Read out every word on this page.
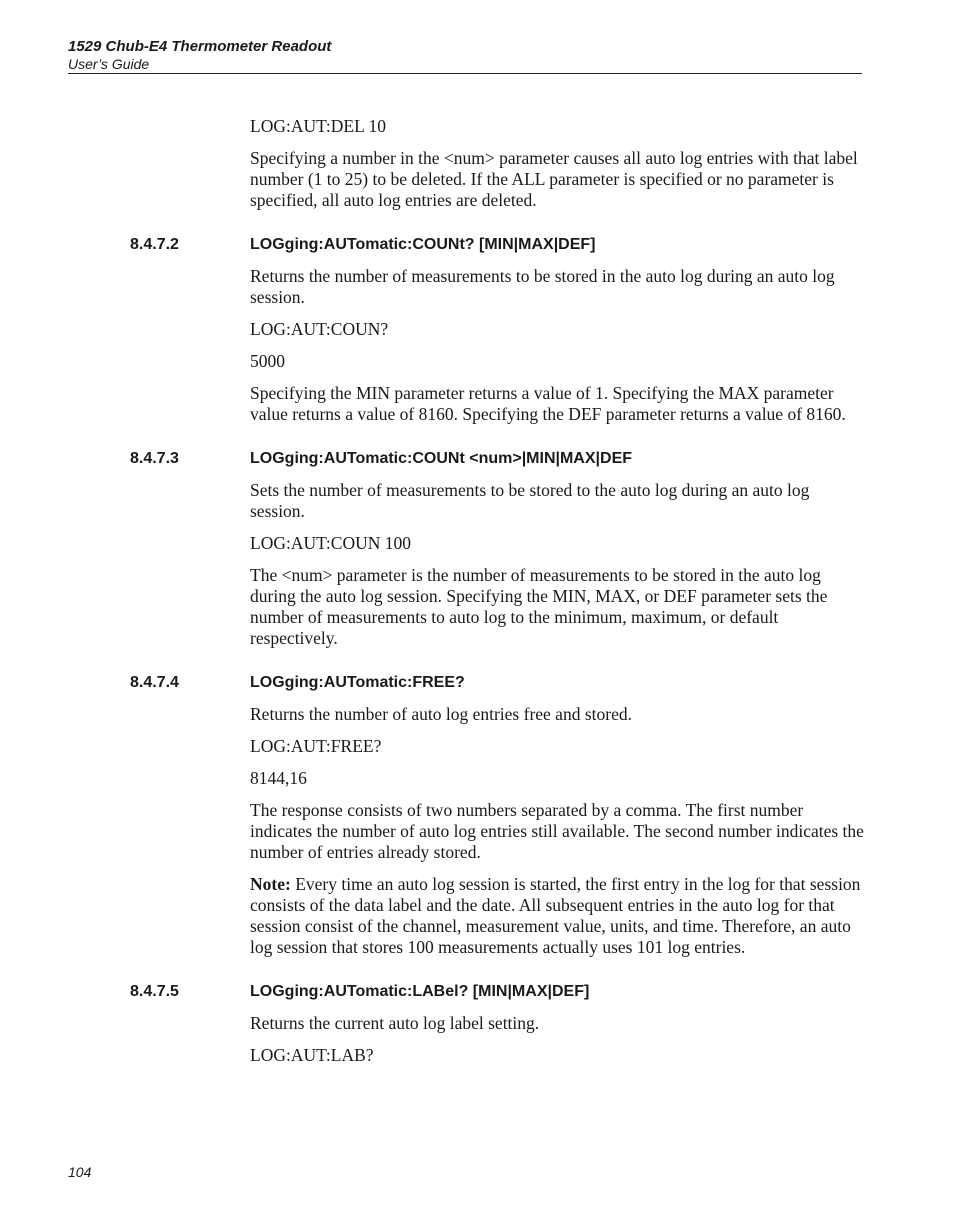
1529 Chub-E4 Thermometer Readout

User’s Guide

LOG:AUT:DEL 10

Specifying a number in the <num> parameter causes all auto log entries with that label number (1 to 25) to be deleted. If the ALL parameter is specified or no parameter is specified, all auto log entries are deleted.

8.4.7.2	LOGging:AUTomatic:COUNt? [MIN|MAX|DEF]

Returns the number of measurements to be stored in the auto log during an auto log session.

LOG:AUT:COUN?

5000

Specifying the MIN parameter returns a value of 1. Specifying the MAX parameter value returns a value of 8160. Specifying the DEF parameter returns a value of 8160.

8.4.7.3	LOGging:AUTomatic:COUNt <num>|MIN|MAX|DEF

Sets the number of measurements to be stored to the auto log during an auto log session.

LOG:AUT:COUN 100

The <num> parameter is the number of measurements to be stored in the auto log during the auto log session. Specifying the MIN, MAX, or DEF parameter sets the number of measurements to auto log to the minimum, maximum, or default respectively.

8.4.7.4	LOGging:AUTomatic:FREE?

Returns the number of auto log entries free and stored.

LOG:AUT:FREE?

8144,16

The response consists of two numbers separated by a comma. The first number indicates the number of auto log entries still available. The second number indicates the number of entries already stored.

Note: Every time an auto log session is started, the first entry in the log for that session consists of the data label and the date. All subsequent entries in the auto log for that session consist of the channel, measurement value, units, and time. Therefore, an auto log session that stores 100 measurements actually uses 101 log entries.

8.4.7.5	LOGging:AUTomatic:LABel? [MIN|MAX|DEF]

Returns the current auto log label setting.

LOG:AUT:LAB?

104
